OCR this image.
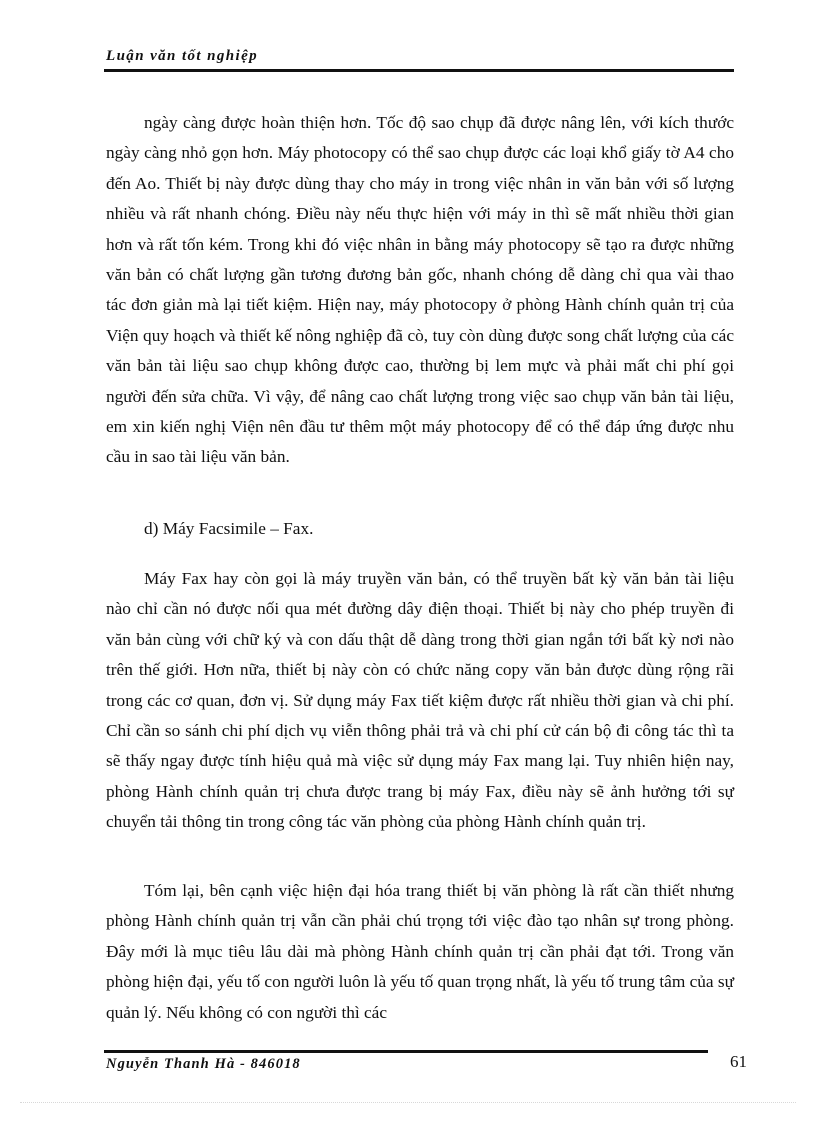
Luận văn tốt nghiệp

ngày càng được hoàn thiện hơn. Tốc độ sao chụp đã được nâng lên, với kích thước ngày càng nhỏ gọn hơn. Máy photocopy có thể sao chụp được các loại khổ giấy tờ A4 cho đến Ao. Thiết bị này được dùng thay cho máy in trong việc nhân in văn bản với số lượng nhiều và rất nhanh chóng. Điều này nếu thực hiện với máy in thì sẽ mất nhiều thời gian hơn và rất tốn kém. Trong khi đó việc nhân in bằng máy photocopy sẽ tạo ra được những văn bản có chất lượng gần tương đương bản gốc, nhanh chóng dễ dàng chỉ qua vài thao tác đơn giản mà lại tiết kiệm. Hiện nay, máy photocopy ở phòng Hành chính quản trị của Viện quy hoạch và thiết kế nông nghiệp đã cò, tuy còn dùng được song chất lượng của các văn bản tài liệu sao chụp không được cao, thường bị lem mực và phải mất chi phí gọi người đến sửa chữa. Vì vậy, để nâng cao chất lượng trong việc sao chụp văn bản tài liệu, em xin kiến nghị Viện nên đầu tư thêm một máy photocopy để có thể đáp ứng được nhu cầu in sao tài liệu văn bản.

d) Máy Facsimile – Fax.

Máy Fax hay còn gọi là máy truyền văn bản, có thể truyền bất kỳ văn bản tài liệu nào chỉ cần nó được nối qua mét đường dây điện thoại. Thiết bị này cho phép truyền đi văn bản cùng với chữ ký và con dấu thật dễ dàng trong thời gian ngắn tới bất kỳ nơi nào trên thế giới. Hơn nữa, thiết bị này còn có chức năng copy văn bản được dùng rộng rãi trong các cơ quan, đơn vị. Sử dụng máy Fax tiết kiệm được rất nhiều thời gian và chi phí. Chỉ cần so sánh chi phí dịch vụ viễn thông phải trả và chi phí cử cán bộ đi công tác thì ta sẽ thấy ngay được tính hiệu quả mà việc sử dụng máy Fax mang lại. Tuy nhiên hiện nay, phòng Hành chính quản trị chưa được trang bị máy Fax, điều này sẽ ảnh hưởng tới sự chuyển tải thông tin trong công tác văn phòng của phòng Hành chính quản trị.

Tóm lại, bên cạnh việc hiện đại hóa trang thiết bị văn phòng là rất cần thiết nhưng phòng Hành chính quản trị vẫn cần phải chú trọng tới việc đào tạo nhân sự trong phòng. Đây mới là mục tiêu lâu dài mà phòng Hành chính quản trị cần phải đạt tới. Trong văn phòng hiện đại, yếu tố con người luôn là yếu tố quan trọng nhất, là yếu tố trung tâm của sự quản lý. Nếu không có con người thì các

Nguyễn Thanh Hà - 846018	61
